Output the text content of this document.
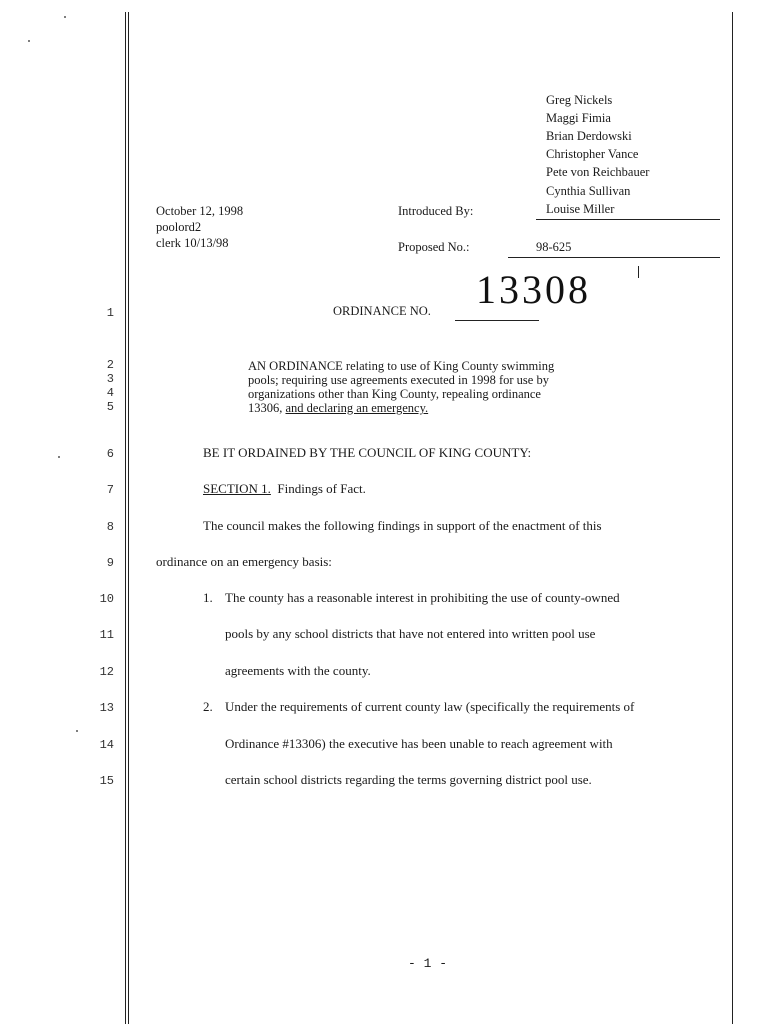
Greg Nickels
Maggi Fimia
Brian Derdowski
Christopher Vance
Pete von Reichbauer
Cynthia Sullivan
Louise Miller
October 12, 1998
poolord2
clerk 10/13/98
Introduced By:
Proposed No.:	98-625
ORDINANCE NO. 13308
1
2
3
4
5
6
7
8
9
10
11
12
13
14
15
AN ORDINANCE relating to use of King County swimming
pools; requiring use agreements executed in 1998 for use by
organizations other than King County, repealing ordinance
13306, and declaring an emergency.
BE IT ORDAINED BY THE COUNCIL OF KING COUNTY:
SECTION 1. Findings of Fact.
The council makes the following findings in support of the enactment of this
ordinance on an emergency basis:
1. The county has a reasonable interest in prohibiting the use of county-owned
pools by any school districts that have not entered into written pool use
agreements with the county.
2. Under the requirements of current county law (specifically the requirements of
Ordinance #13306) the executive has been unable to reach agreement with
certain school districts regarding the terms governing district pool use.
- 1 -
